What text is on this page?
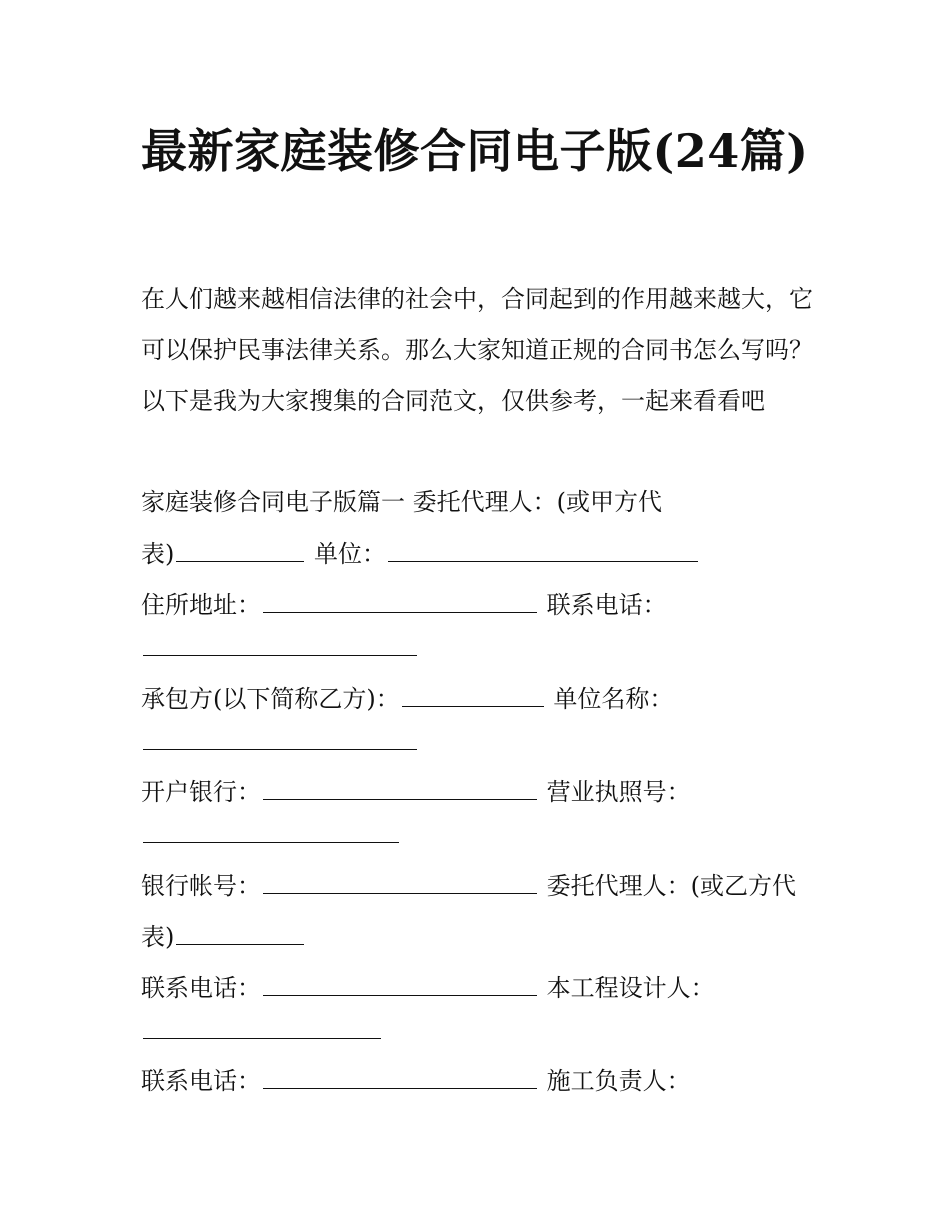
最新家庭装修合同电子版(24篇)

在人们越来越相信法律的社会中，合同起到的作用越来越大，它可以保护民事法律关系。那么大家知道正规的合同书怎么写吗？以下是我为大家搜集的合同范文，仅供参考，一起来看看吧

家庭装修合同电子版篇一 委托代理人：(或甲方代
表)	单位：
住所地址：	联系电话：
承包方(以下简称乙方)：	单位名称：
开户银行：	营业执照号：
银行帐号：	委托代理人：(或乙方代
表)
联系电话：	本工程设计人：
联系电话：	施工负责人：
